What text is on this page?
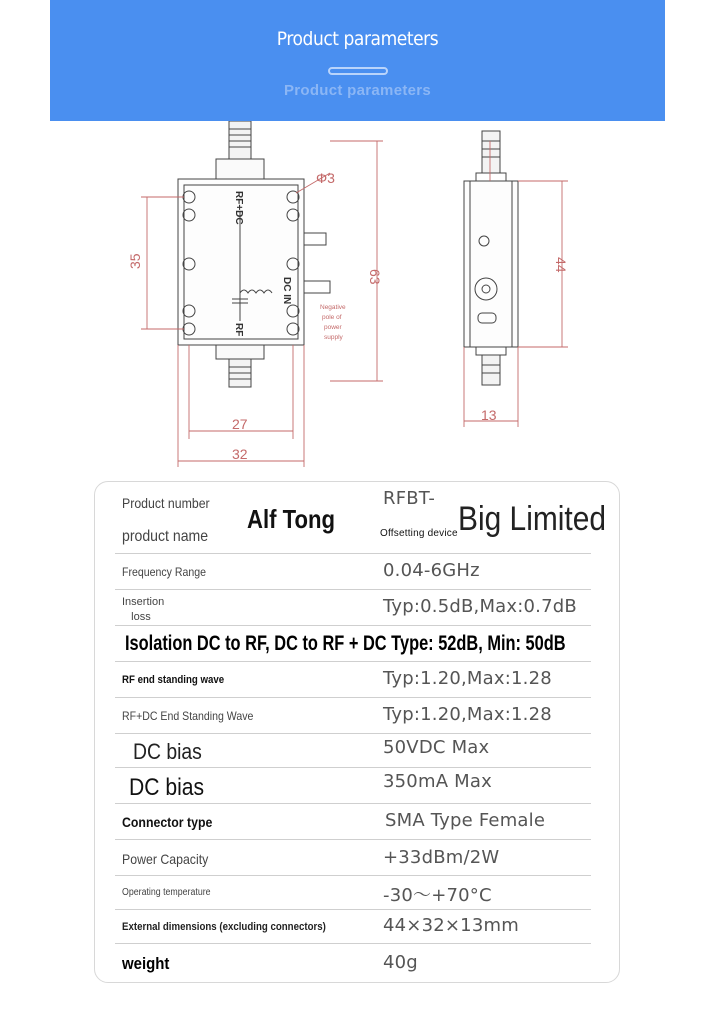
Product parameters
Product parameters
RF+DC
DC IN
RF
Φ3
35
63
27
32
Negative
pole of
power
supply
44
13
Product number	RFBT-
product name	Offsetting device
Alf Tong	Big Limited
Frequency Range	0.04-6GHz
Insertion
loss	Typ:0.5dB,Max:0.7dB
Isolation DC to RF, DC to RF + DC Type: 52dB, Min: 50dB
RF end standing wave	Typ:1.20,Max:1.28
RF+DC End Standing Wave	Typ:1.20,Max:1.28
DC bias	50VDC Max
DC bias	350mA Max
Connector type	SMA Type Female
Power Capacity	+33dBm/2W
Operating temperature	-30〜+70°C
External dimensions (excluding connectors)	44×32×13mm
weight	40g
